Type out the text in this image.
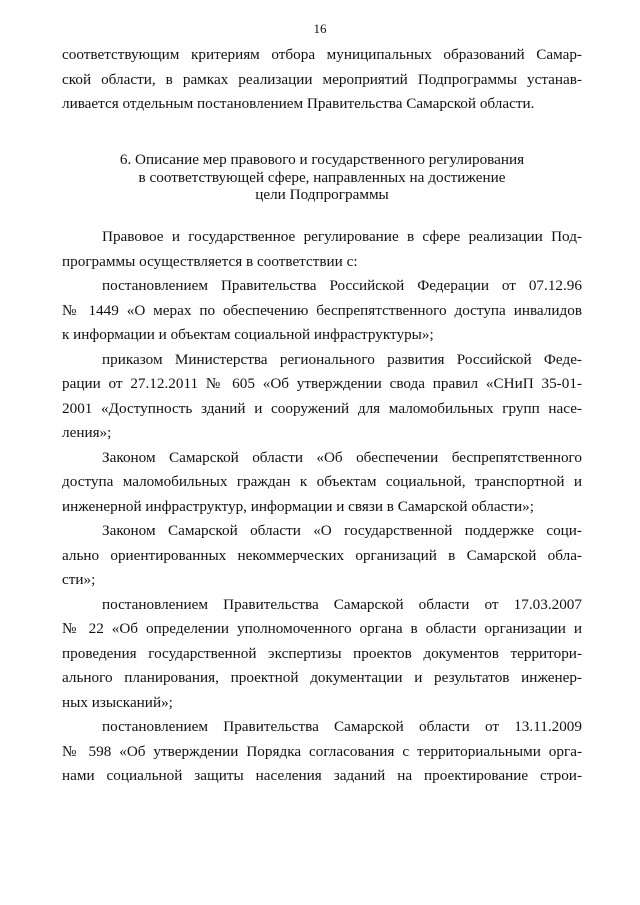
16
соответствующим критериям отбора муниципальных образований Самар-
ской области, в рамках реализации мероприятий Подпрограммы устанав-
ливается отдельным постановлением Правительства Самарской области.
6. Описание мер правового и государственного регулирования
в соответствующей сфере, направленных на достижение
цели Подпрограммы
Правовое и государственное регулирование в сфере реализации Под-
программы осуществляется в соответствии с:
постановлением Правительства Российской Федерации от 07.12.96
№ 1449 «О мерах по обеспечению беспрепятственного доступа инвалидов
к информации и объектам социальной инфраструктуры»;
приказом Министерства регионального развития Российской Феде-
рации от 27.12.2011 № 605 «Об утверждении свода правил «СНиП 35-01-
2001 «Доступность зданий и сооружений для маломобильных групп насе-
ления»;
Законом Самарской области «Об обеспечении беспрепятственного
доступа маломобильных граждан к объектам социальной, транспортной и
инженерной инфраструктур, информации и связи в Самарской области»;
Законом Самарской области «О государственной поддержке соци-
ально ориентированных некоммерческих организаций в Самарской обла-
сти»;
постановлением Правительства Самарской области от 17.03.2007
№ 22 «Об определении уполномоченного органа в области организации и
проведения государственной экспертизы проектов документов территори-
ального планирования, проектной документации и результатов инженер-
ных изысканий»;
постановлением Правительства Самарской области от 13.11.2009
№ 598 «Об утверждении Порядка согласования с территориальными орга-
нами социальной защиты населения заданий на проектирование строи-
